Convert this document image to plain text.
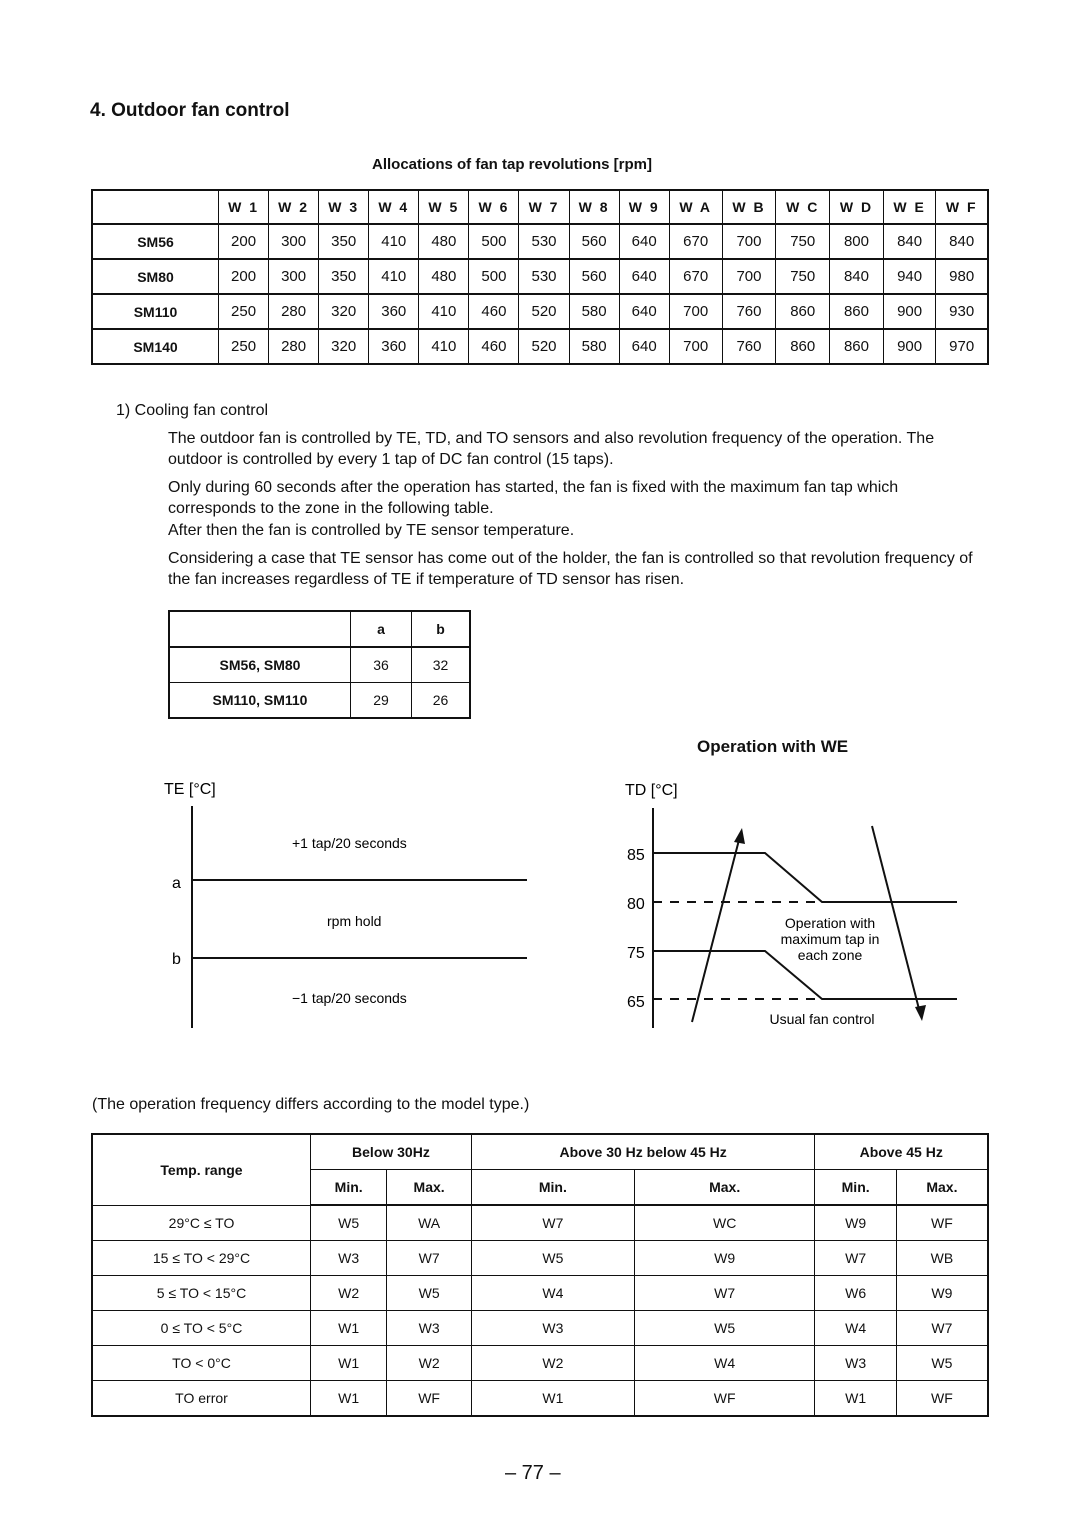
4. Outdoor fan control
Allocations of fan tap revolutions [rpm]
	W 1	W 2	W 3	W 4	W 5	W 6	W 7	W 8	W 9	W A	W B	W C	W D	W E	W F
SM56	200	300	350	410	480	500	530	560	640	670	700	750	800	840	840
SM80	200	300	350	410	480	500	530	560	640	670	700	750	840	940	980
SM110	250	280	320	360	410	460	520	580	640	700	760	860	860	900	930
SM140	250	280	320	360	410	460	520	580	640	700	760	860	860	900	970
1) Cooling fan control
The outdoor fan is controlled by TE, TD, and TO sensors and also revolution frequency of the operation. The outdoor is controlled by every 1 tap of DC fan control (15 taps).
Only during 60 seconds after the operation has started, the fan is fixed with the maximum fan tap which corresponds to the zone in the following table.
After then the fan is controlled by TE sensor temperature.
Considering a case that TE sensor has come out of the holder, the fan is controlled so that revolution frequency of the fan increases regardless of TE if temperature of TD sensor has risen.
	a	b
SM56, SM80	36	32
SM110, SM110	29	26
Operation with WE
TE [°C]
a
b
+1 tap/20 seconds
rpm hold
−1 tap/20 seconds
TD [°C]
85
80
75
65
Operation with
maximum tap in
each zone
Usual fan control
(The operation frequency differs according to the model type.)
Temp. range	Below 30Hz		Above 30 Hz below 45 Hz		Above 45 Hz	
	Min.	Max.	Min.	Max.	Min.	Max.
29°C ≤ TO	W5	WA	W7	WC	W9	WF
15 ≤ TO < 29°C	W3	W7	W5	W9	W7	WB
5 ≤ TO < 15°C	W2	W5	W4	W7	W6	W9
0 ≤ TO < 5°C	W1	W3	W3	W5	W4	W7
TO < 0°C	W1	W2	W2	W4	W3	W5
TO error	W1	WF	W1	WF	W1	WF
– 77 –
